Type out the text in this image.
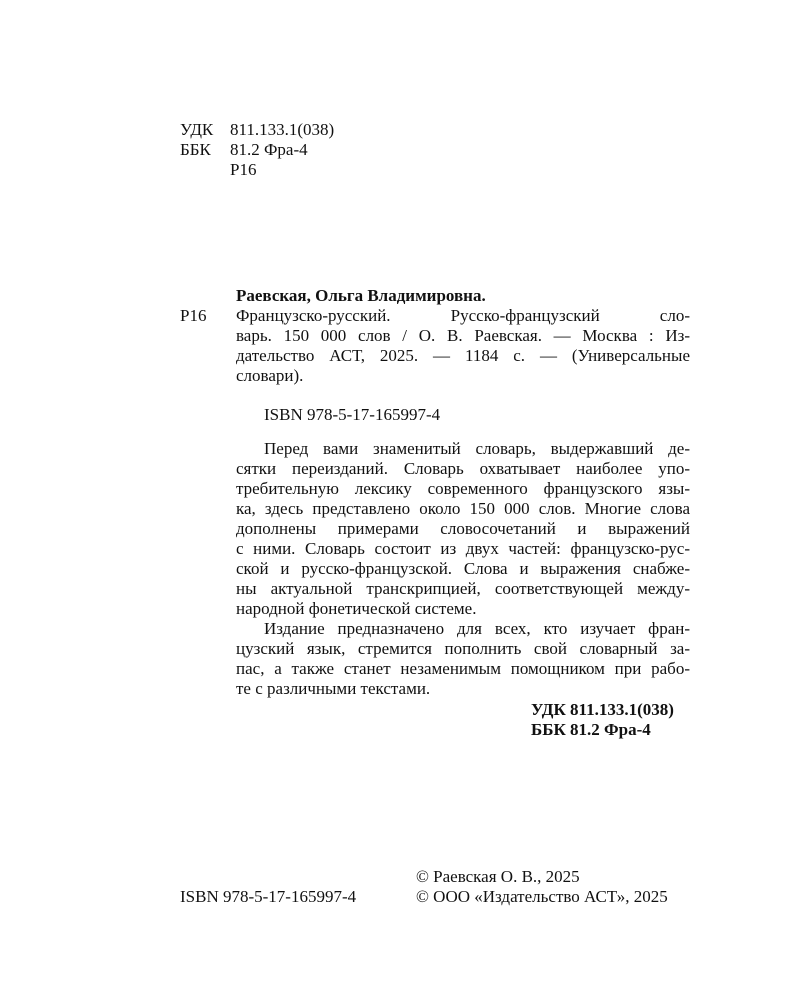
УДК 811.133.1(038)
ББК	81.2 Фра-4
Р16
Раевская, Ольга Владимировна.
Р16 Французско-русский. Русско-французский сло-
варь. 150 000 слов / О. В. Раевская. — Москва : Из-
дательство АСТ, 2025. — 1184 с. — (Универсальные
словари).
ISBN 978-5-17-165997-4
Перед вами знаменитый словарь, выдержавший де-
сятки переизданий. Словарь охватывает наиболее упо-
требительную лексику современного французского язы-
ка, здесь представлено около 150 000 слов. Многие слова
дополнены примерами словосочетаний и выражений
с ними. Словарь состоит из двух частей: французско-рус-
ской и русско-французской. Слова и выражения снабже-
ны актуальной транскрипцией, соответствующей между-
народной фонетической системе.
Издание предназначено для всех, кто изучает фран-
цузский язык, стремится пополнить свой словарный за-
пас, а также станет незаменимым помощником при рабо-
те с различными текстами.
УДК 811.133.1(038)
ББК 81.2 Фра-4
ISBN 978-5-17-165997-4
© Раевская О. В., 2025
© ООО «Издательство АСТ», 2025
